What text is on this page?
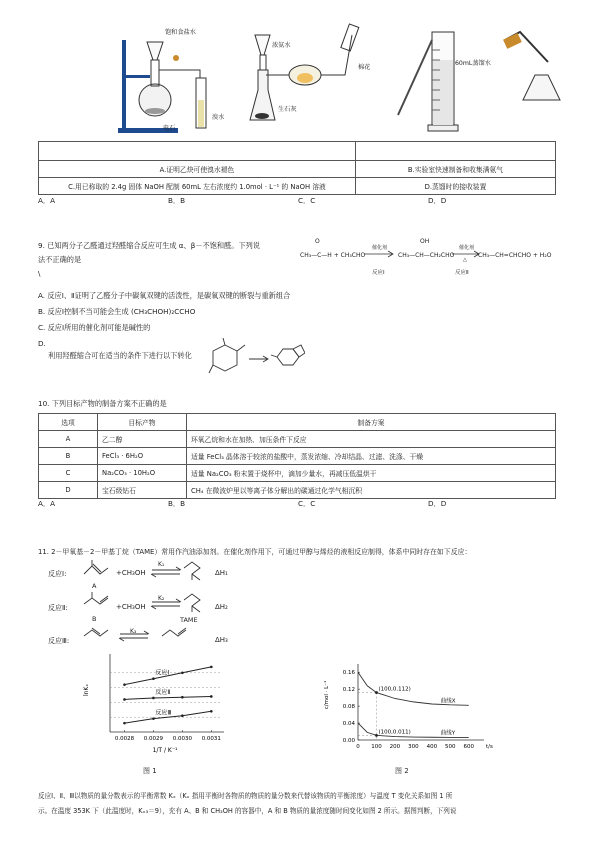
饱和食盐水
电石
溴水
浓氨水
棉花
生石灰
60mL蒸馏水

A.证明乙炔可使溴水褪色	B.实验室快速制备和收集满氨气
C.用已称取的 2.4g 固体 NaOH 配制 60mL 左右浓度约 1.0mol · L⁻¹ 的 NaOH 溶液	D.蒸馏时的接收装置
A．A	B．B	C．C	D．D
9. 已知两分子乙醛通过羟醛缩合反应可生成 α、β－不饱和醛。下列说
法不正确的是
\
O
CH₃—C—H + CH₃CHO
催化剂
OH
CH₃—CH—CH₂CHO
催化剂
△
CH₃—CH=CHCHO + H₂O
反应Ⅰ	反应Ⅱ
A. 反应Ⅰ、Ⅱ证明了乙醛分子中碳氧双键的活泼性，是碳氧双键的断裂与重新组合
B. 反应Ⅰ控制不当可能会生成 (CH₃CHOH)₂CCHO
C. 反应Ⅰ所用的催化剂可能是碱性的
D.
利用羟醛缩合可在适当的条件下进行以下转化
10. 下列目标产物的制备方案不正确的是
选项	目标产物	制备方案
A	乙二醇	环氧乙烷和水在加热、加压条件下反应
B	FeCl₃ · 6H₂O	适量 FeCl₃ 晶体溶于较浓的盐酸中，蒸发浓缩、冷却结晶、过滤、洗涤、干燥
C	Na₂CO₃ · 10H₂O	适量 Na₂CO₃ 粉末置于烧杯中，滴加少量水，再减压低温烘干
D	宝石级钻石	CH₄ 在微波炉里以等离子体分解出的碳通过化学气相沉积
A．A	B．B	C．C	D．D
11. 2－甲氧基－2－甲基丁烷（TAME）常用作汽油添加剂。在催化剂作用下，可通过甲醇与烯烃的液相反应制得，体系中同时存在如下反应：
反应Ⅰ:	+CH₃OH
K₁
ΔH₁
A
反应Ⅱ:	+CH₃OH
K₂
ΔH₂
B	TAME
反应Ⅲ:
K₃
ΔH₃
0.0028 0.0029 0.0030 0.0031
lnKₓ
1/T / K⁻¹
反应Ⅰ
反应Ⅱ
反应Ⅲ
图 1
0.00
0.04
0.08
0.12
0.16
0 100 200 300 400 500 600 t/s
c/mol · L⁻¹	曲线X
曲线Y
(100,0.112)
(100,0.011)
图 2
反应Ⅰ、Ⅱ、Ⅲ以物质的量分数表示的平衡常数 Kₓ（Kₓ 指用平衡时各物质的物质的量分数来代替该物质的平衡浓度）与温度 T 变化关系如图 1 所
示。在温度 353K 下（此温度时，Kₓ₃＝9），充有 A、B 和 CH₃OH 的容器中，A 和 B 物质的量浓度随时间变化如图 2 所示。据图判断，下列说
